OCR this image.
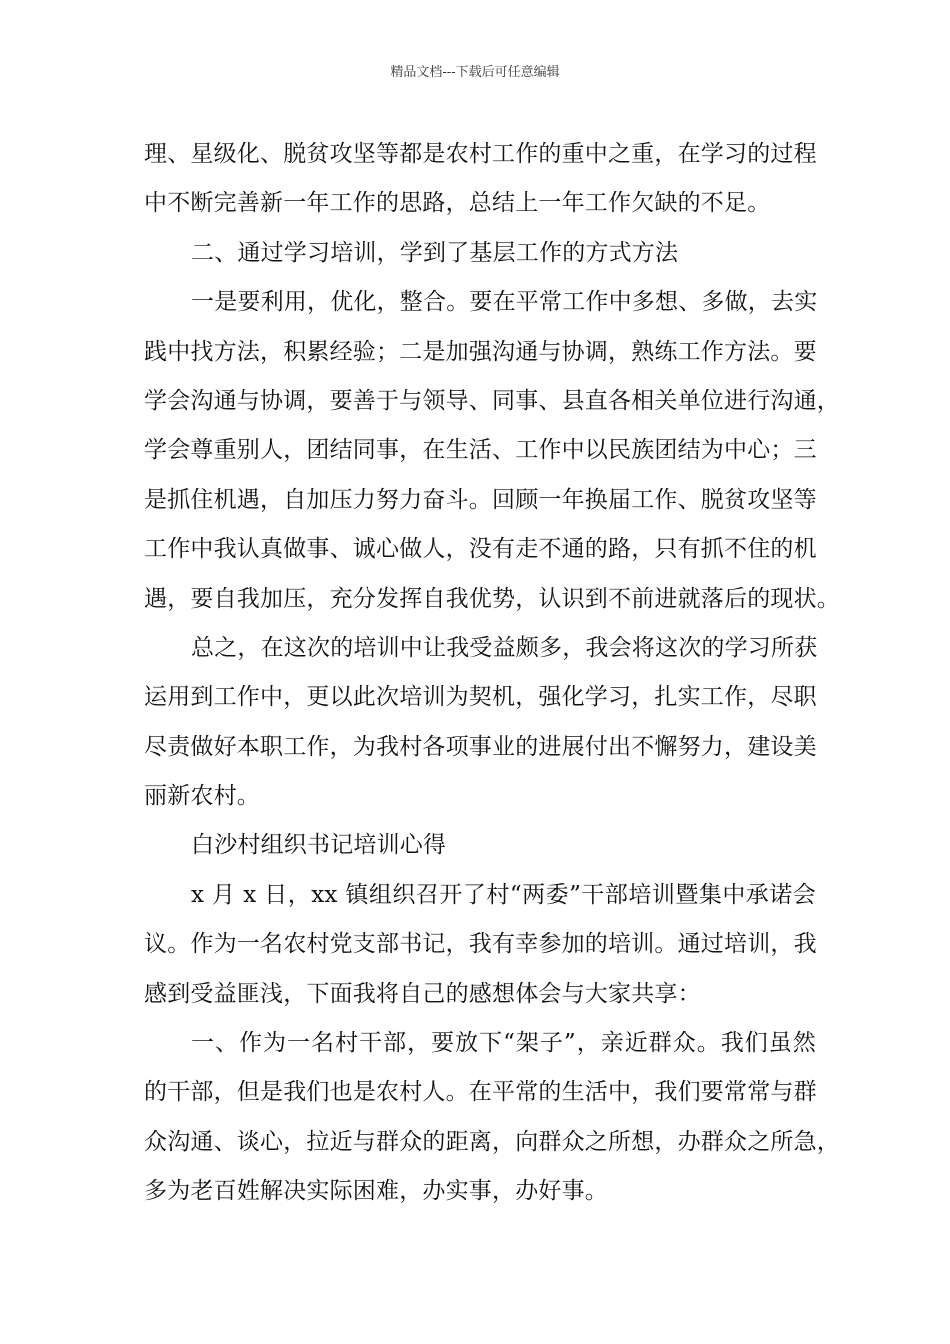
精品文档---下载后可任意编辑
理、星级化、脱贫攻坚等都是农村工作的重中之重，在学习的过程
中不断完善新一年工作的思路，总结上一年工作欠缺的不足。
二、通过学习培训，学到了基层工作的方式方法
一是要利用，优化，整合。要在平常工作中多想、多做，去实
践中找方法，积累经验；二是加强沟通与协调，熟练工作方法。要
学会沟通与协调，要善于与领导、同事、县直各相关单位进行沟通，
学会尊重别人，团结同事，在生活、工作中以民族团结为中心；三
是抓住机遇，自加压力努力奋斗。回顾一年换届工作、脱贫攻坚等
工作中我认真做事、诚心做人，没有走不通的路，只有抓不住的机
遇，要自我加压，充分发挥自我优势，认识到不前进就落后的现状。
总之，在这次的培训中让我受益颇多，我会将这次的学习所获
运用到工作中，更以此次培训为契机，强化学习，扎实工作，尽职
尽责做好本职工作，为我村各项事业的进展付出不懈努力，建设美
丽新农村。
白沙村组织书记培训心得
x 月 x 日，xx 镇组织召开了村“两委”干部培训暨集中承诺会
议。作为一名农村党支部书记，我有幸参加的培训。通过培训，我
感到受益匪浅，下面我将自己的感想体会与大家共享：
一、作为一名村干部，要放下“架子”，亲近群众。我们虽然
的干部，但是我们也是农村人。在平常的生活中，我们要常常与群
众沟通、谈心，拉近与群众的距离，向群众之所想，办群众之所急，
多为老百姓解决实际困难，办实事，办好事。
